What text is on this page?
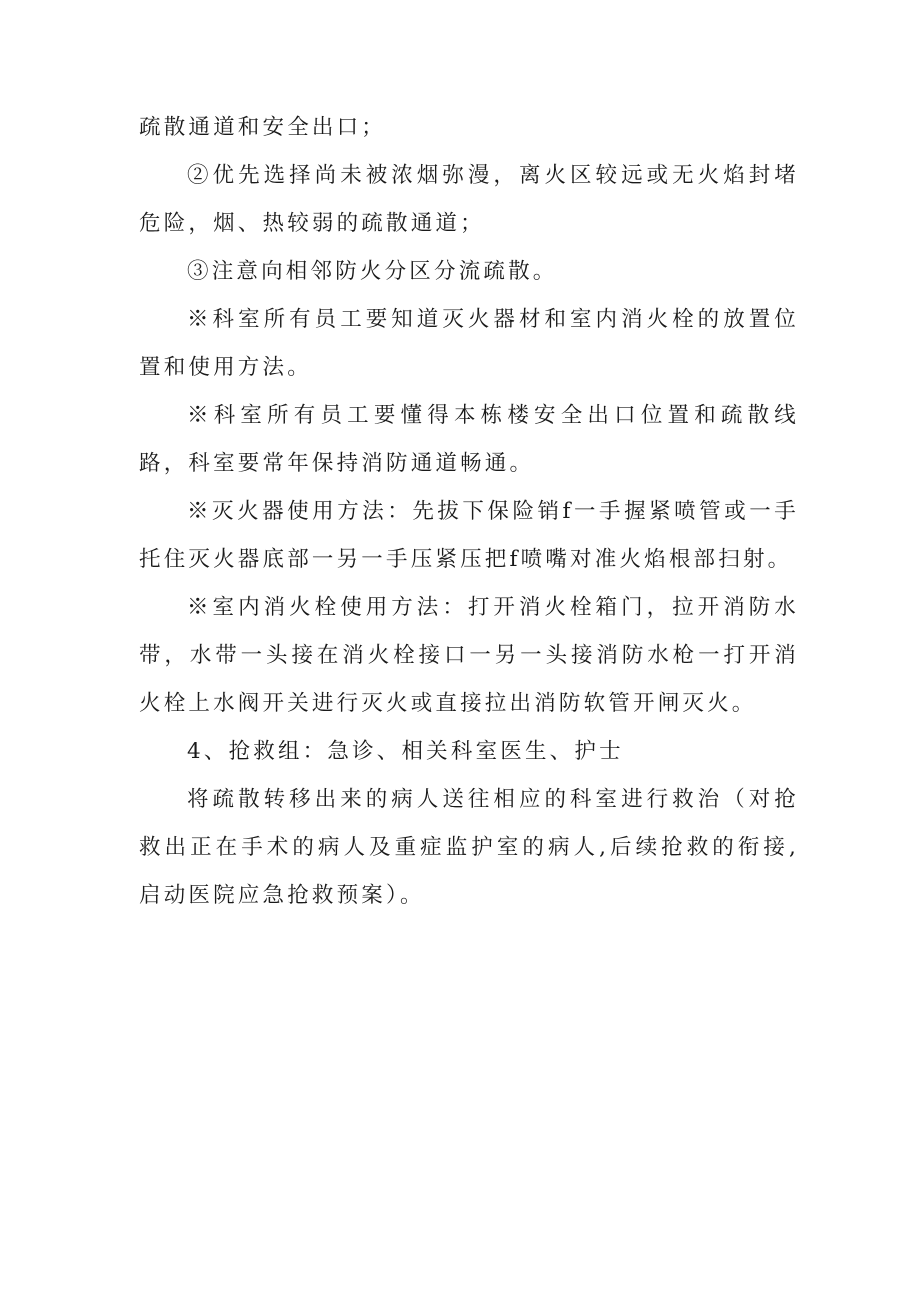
疏散通道和安全出口；

②优先选择尚未被浓烟弥漫，离火区较远或无火焰封堵危险，烟、热较弱的疏散通道；

③注意向相邻防火分区分流疏散。

※科室所有员工要知道灭火器材和室内消火栓的放置位置和使用方法。

※科室所有员工要懂得本栋楼安全出口位置和疏散线路，科室要常年保持消防通道畅通。

※灭火器使用方法：先拔下保险销f一手握紧喷管或一手托住灭火器底部一另一手压紧压把f喷嘴对准火焰根部扫射。

※室内消火栓使用方法：打开消火栓箱门，拉开消防水带，水带一头接在消火栓接口一另一头接消防水枪一打开消火栓上水阀开关进行灭火或直接拉出消防软管开闸灭火。

4、抢救组：急诊、相关科室医生、护士

将疏散转移出来的病人送往相应的科室进行救治（对抢救出正在手术的病人及重症监护室的病人,后续抢救的衔接,启动医院应急抢救预案）。
